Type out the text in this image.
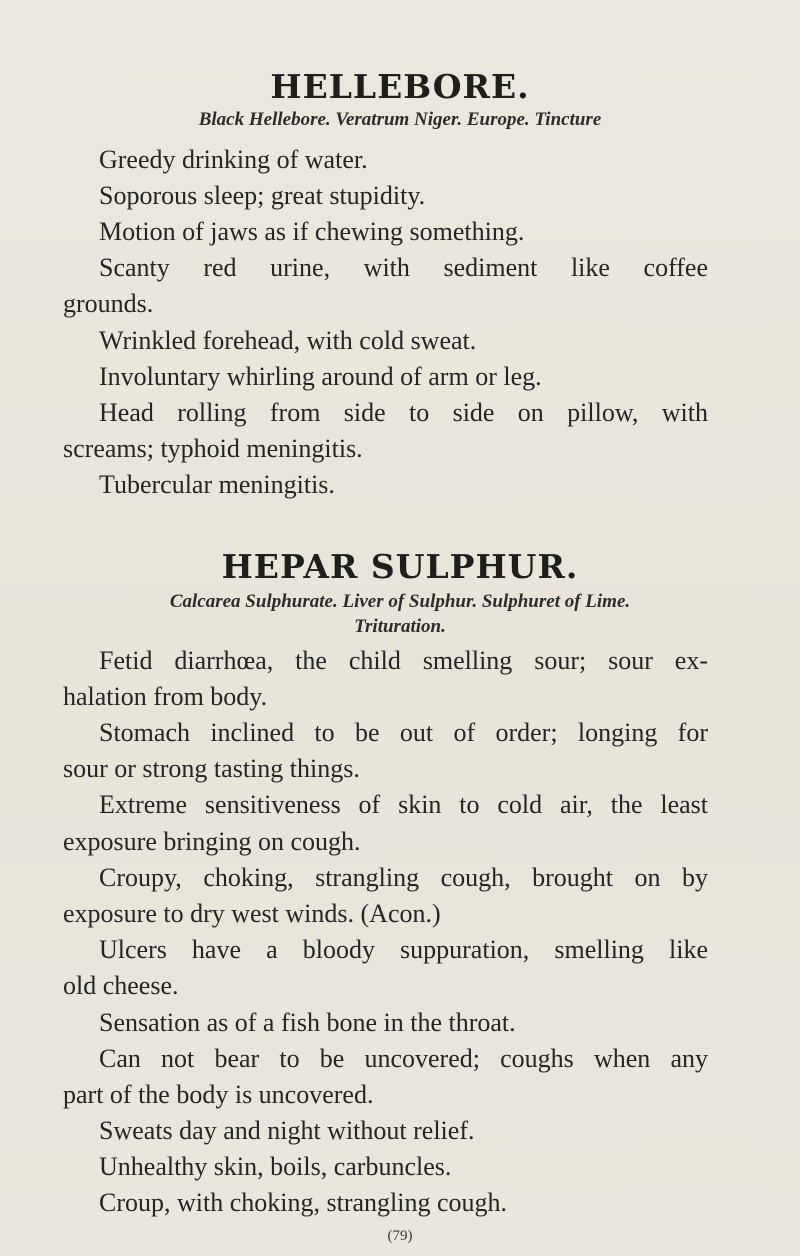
HELLEBORE.
Black Hellebore. Veratrum Niger. Europe. Tincture
Greedy drinking of water.
Soporous sleep; great stupidity.
Motion of jaws as if chewing something.
Scanty red urine, with sediment like coffee
grounds.
Wrinkled forehead, with cold sweat.
Involuntary whirling around of arm or leg.
Head rolling from side to side on pillow, with
screams; typhoid meningitis.
Tubercular meningitis.
HEPAR SULPHUR.
Calcarea Sulphurate. Liver of Sulphur. Sulphuret of Lime.
Trituration.
Fetid diarrhœa, the child smelling sour; sour ex-
halation from body.
Stomach inclined to be out of order; longing for
sour or strong tasting things.
Extreme sensitiveness of skin to cold air, the least
exposure bringing on cough.
Croupy, choking, strangling cough, brought on by
exposure to dry west winds. (Acon.)
Ulcers have a bloody suppuration, smelling like
old cheese.
Sensation as of a fish bone in the throat.
Can not bear to be uncovered; coughs when any
part of the body is uncovered.
Sweats day and night without relief.
Unhealthy skin, boils, carbuncles.
Croup, with choking, strangling cough.
(79)
